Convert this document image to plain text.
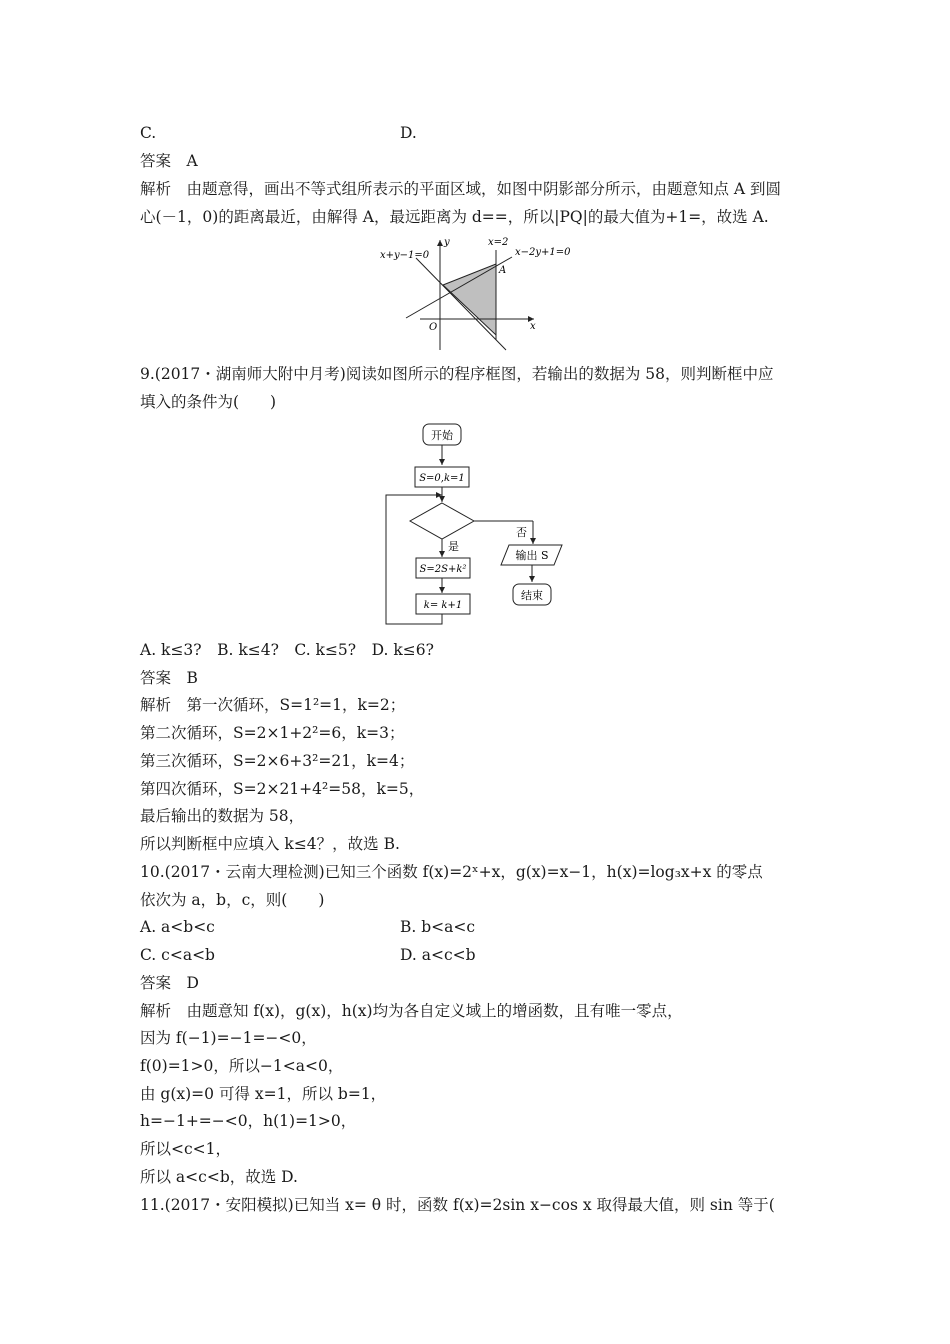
C.	D.
答案　A
解析　由题意得，画出不等式组所表示的平面区域，如图中阴影部分所示，由题意知点 A 到圆
心(－1，0)的距离最近，由解得 A，最远距离为 d==，所以|PQ|的最大值为+1=，故选 A.
x+y−1=0
y	x=2
x−2y+1=0
A
O	x
9.(2017・湖南师大附中月考)阅读如图所示的程序框图，若输出的数据为 58，则判断框中应
填入的条件为(　　)
开始
S=0,k=1
否
输出 S
结束
是
S=2S+k²
k= k+1
A. k≤3?　B. k≤4?　C. k≤5?　D. k≤6?
答案　B
解析　第一次循环，S=1²=1，k=2；
第二次循环，S=2×1+2²=6，k=3；
第三次循环，S=2×6+3²=21，k=4；
第四次循环，S=2×21+4²=58，k=5，
最后输出的数据为 58，
所以判断框中应填入 k≤4？，故选 B.
10.(2017・云南大理检测)已知三个函数 f(x)=2ˣ+x，g(x)=x−1，h(x)=log₃x+x 的零点
依次为 a，b，c，则(　　)
A. a<b<c	B. b<a<c
C. c<a<b	D. a<c<b
答案　D
解析　由题意知 f(x)，g(x)，h(x)均为各自定义域上的增函数，且有唯一零点，
因为 f(−1)=−1=−<0，
f(0)=1>0，所以−1<a<0，
由 g(x)=0 可得 x=1，所以 b=1，
h=−1+=−<0，h(1)=1>0，
所以<c<1，
所以 a<c<b，故选 D.
11.(2017・安阳模拟)已知当 x= θ 时，函数 f(x)=2sin x−cos x 取得最大值，则 sin 等于(
